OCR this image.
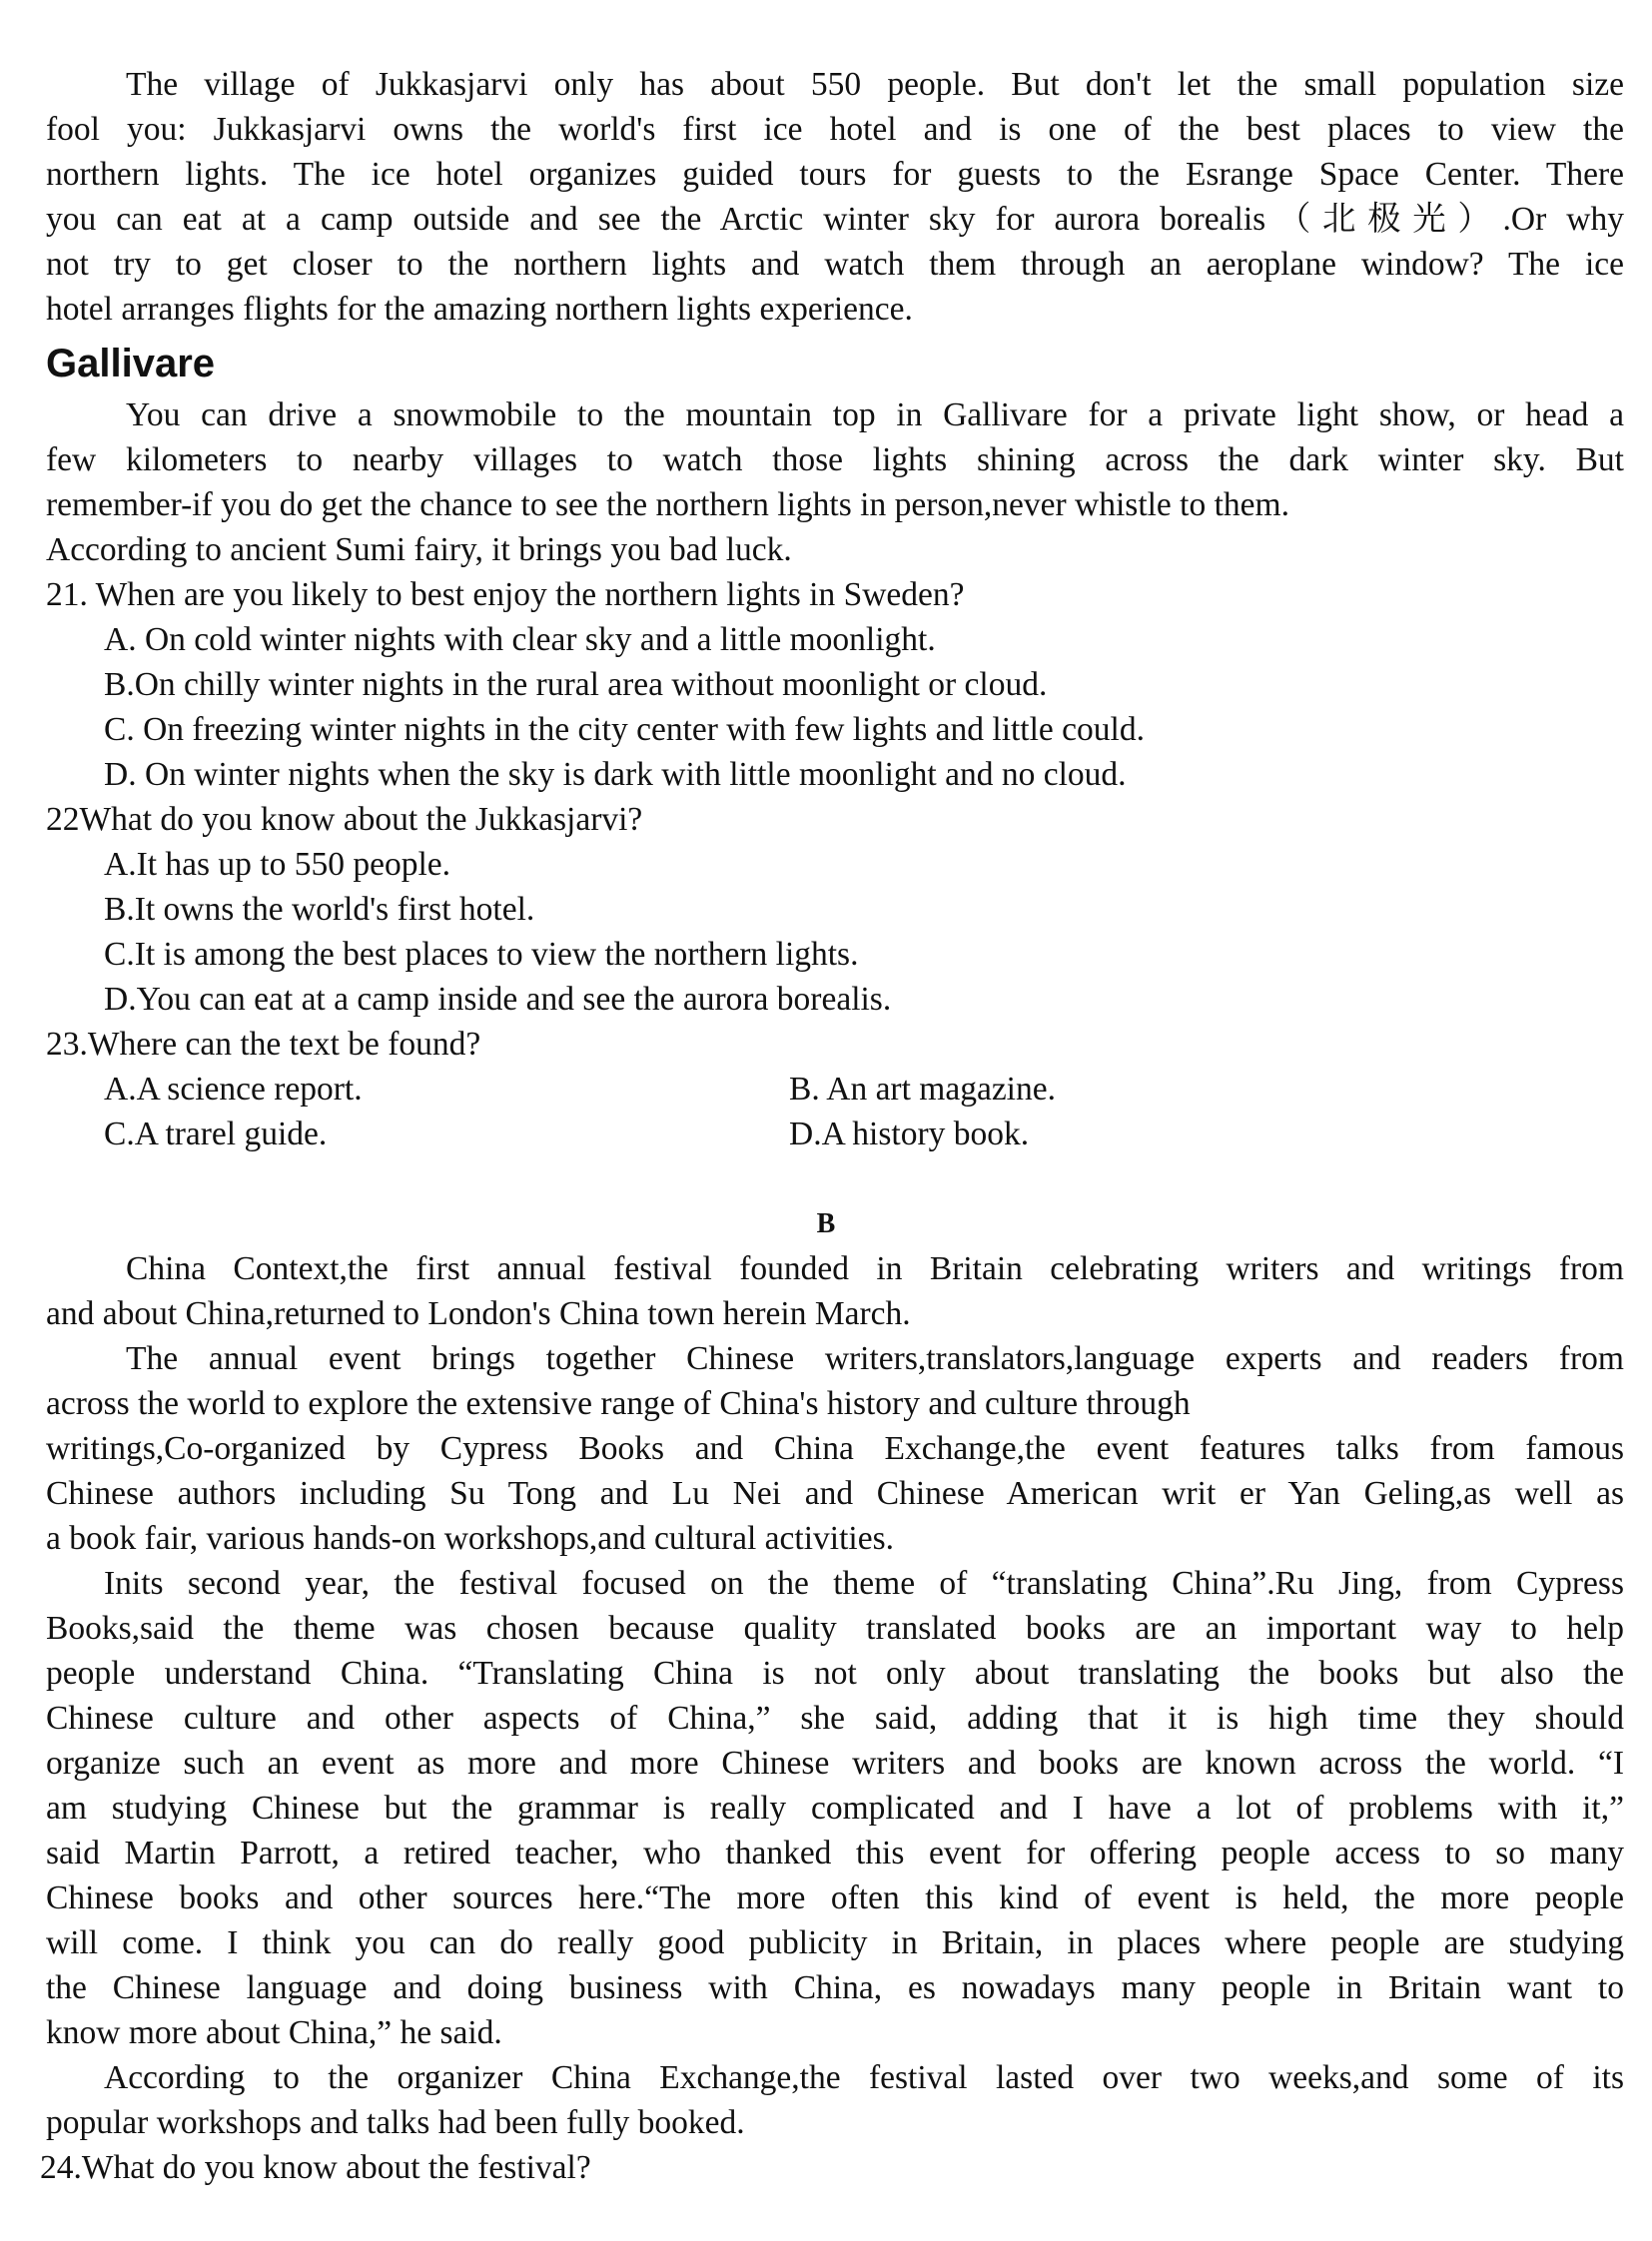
The village of Jukkasjarvi only has about 550 people. But don't let the small population size
fool you: Jukkasjarvi owns the world's first ice hotel and is one of the best places to view the
northern lights. The ice hotel organizes guided tours for guests to the Esrange Space Center. There
you can eat at a camp outside and see the Arctic winter sky for aurora borealis（北极光）.Or why
not try to get closer to the northern lights and watch them through an aeroplane window? The ice
hotel arranges flights for the amazing northern lights experience.
Gallivare
You can drive a snowmobile to the mountain top in Gallivare for a private light show, or head a
few kilometers to nearby villages to watch those lights shining across the dark winter sky. But
remember-if you do get the chance to see the northern lights in person,never whistle to them.
According to ancient Sumi fairy, it brings you bad luck.
21. When are you likely to best enjoy the northern lights in Sweden?
A. On cold winter nights with clear sky and a little moonlight.
B.On chilly winter nights in the rural area without moonlight or cloud.
C. On freezing winter nights in the city center with few lights and little could.
D. On winter nights when the sky is dark with little moonlight and no cloud.
22What do you know about the Jukkasjarvi?
A.It has up to 550 people.
B.It owns the world's first hotel.
C.It is among the best places to view the northern lights.
D.You can eat at a camp inside and see the aurora borealis.
23.Where can the text be found?
A.A science report.	B. An art magazine.
C.A trarel guide.	D.A history book.
B
China Context,the first annual festival founded in Britain celebrating writers and writings from
and about China,returned to London's China town herein March.
The annual event brings together Chinese writers,translators,language experts and readers from
across the world to explore the extensive range of China's history and culture through
writings,Co-organized by Cypress Books and China Exchange,the event features talks from famous
Chinese authors including Su Tong and Lu Nei and Chinese American writ er Yan Geling,as well as
a book fair, various hands-on workshops,and cultural activities.
Inits second year, the festival focused on the theme of “translating China”.Ru Jing, from Cypress
Books,said the theme was chosen because quality translated books are an important way to help
people understand China. “Translating China is not only about translating the books but also the
Chinese culture and other aspects of China,” she said, adding that it is high time they should
organize such an event as more and more Chinese writers and books are known across the world. “I
am studying Chinese but the grammar is really complicated and I have a lot of problems with it,”
said Martin Parrott, a retired teacher, who thanked this event for offering people access to so many
Chinese books and other sources here.“The more often this kind of event is held, the more people
will come. I think you can do really good publicity in Britain, in places where people are studying
the Chinese language and doing business with China, es nowadays many people in Britain want to
know more about China,” he said.
According to the organizer China Exchange,the festival lasted over two weeks,and some of its
popular workshops and talks had been fully booked.
24.What do you know about the festival?
